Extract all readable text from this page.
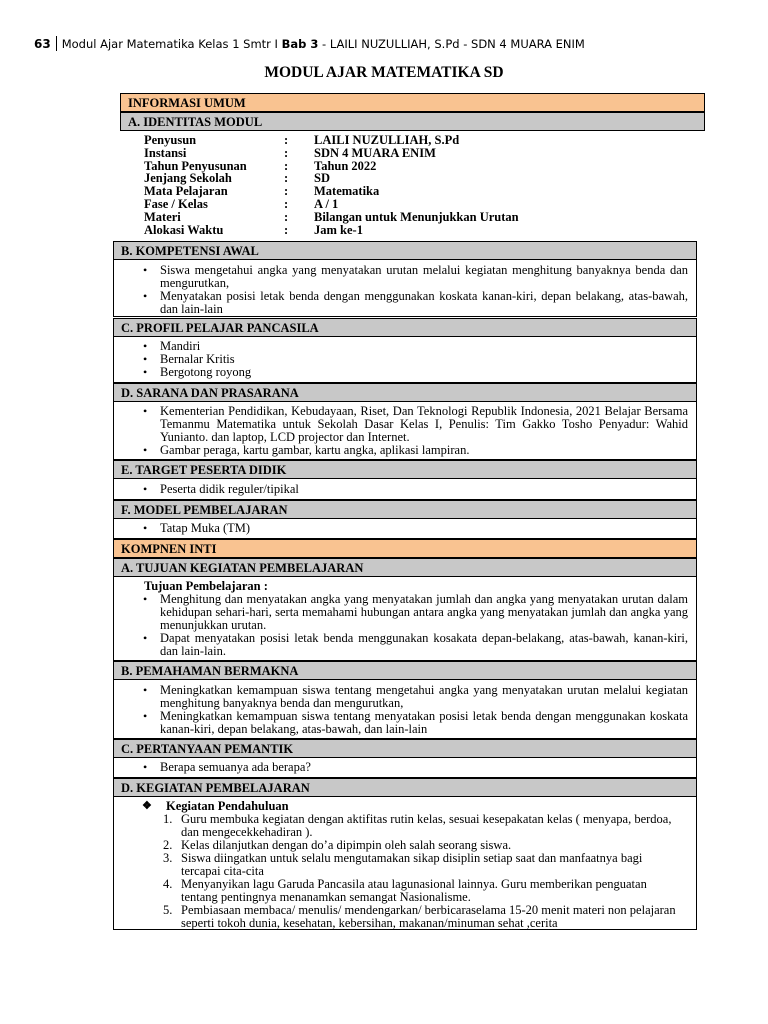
63 Modul Ajar Matematika Kelas 1 Smtr I Bab 3 - LAILI NUZULLIAH, S.Pd - SDN 4 MUARA ENIM
MODUL AJAR MATEMATIKA SD
INFORMASI UMUM
A. IDENTITAS MODUL
Penyusun	:	LAILI NUZULLIAH, S.Pd
Instansi	:	SDN 4 MUARA ENIM
Tahun Penyusunan	:	Tahun 2022
Jenjang Sekolah	:	SD
Mata Pelajaran	:	Matematika
Fase / Kelas	:	A / 1
Materi	:	Bilangan untuk Menunjukkan Urutan
Alokasi Waktu	:	Jam ke-1
B. KOMPETENSI AWAL
• Siswa mengetahui angka yang menyatakan urutan melalui kegiatan menghitung banyaknya benda dan mengurutkan,
• Menyatakan posisi letak benda dengan menggunakan koskata kanan-kiri, depan belakang, atas-bawah, dan lain-lain
C. PROFIL PELAJAR PANCASILA
• Mandiri
• Bernalar Kritis
• Bergotong royong
D. SARANA DAN PRASARANA
• Kementerian Pendidikan, Kebudayaan, Riset, Dan Teknologi Republik Indonesia, 2021 Belajar Bersama Temanmu Matematika untuk Sekolah Dasar Kelas I, Penulis: Tim Gakko Tosho Penyadur: Wahid Yunianto. dan laptop, LCD projector dan Internet.
• Gambar peraga, kartu gambar, kartu angka, aplikasi lampiran.
E. TARGET PESERTA DIDIK
• Peserta didik reguler/tipikal
F. MODEL PEMBELAJARAN
• Tatap Muka (TM)
KOMPNEN INTI
A. TUJUAN KEGIATAN PEMBELAJARAN
Tujuan Pembelajaran :
• Menghitung dan menyatakan angka yang menyatakan jumlah dan angka yang menyatakan urutan dalam kehidupan sehari-hari, serta memahami hubungan antara angka yang menyatakan jumlah dan angka yang menunjukkan urutan.
• Dapat menyatakan posisi letak benda menggunakan kosakata depan-belakang, atas-bawah, kanan-kiri, dan lain-lain.
B. PEMAHAMAN BERMAKNA
• Meningkatkan kemampuan siswa tentang mengetahui angka yang menyatakan urutan melalui kegiatan menghitung banyaknya benda dan mengurutkan,
• Meningkatkan kemampuan siswa tentang menyatakan posisi letak benda dengan menggunakan koskata kanan-kiri, depan belakang, atas-bawah, dan lain-lain
C. PERTANYAAN PEMANTIK
• Berapa semuanya ada berapa?
D. KEGIATAN PEMBELAJARAN
❖ Kegiatan Pendahuluan
1. Guru membuka kegiatan dengan aktifitas rutin kelas, sesuai kesepakatan kelas ( menyapa, berdoa, dan mengecekkehadiran ).
2. Kelas dilanjutkan dengan do’a dipimpin oleh salah seorang siswa.
3. Siswa diingatkan untuk selalu mengutamakan sikap disiplin setiap saat dan manfaatnya bagi tercapai cita-cita
4. Menyanyikan lagu Garuda Pancasila atau lagunasional lainnya. Guru memberikan penguatan tentang pentingnya menanamkan semangat Nasionalisme.
5. Pembiasaan membaca/ menulis/ mendengarkan/ berbicaraselama 15-20 menit materi non pelajaran seperti tokoh dunia, kesehatan, kebersihan, makanan/minuman sehat ,cerita
